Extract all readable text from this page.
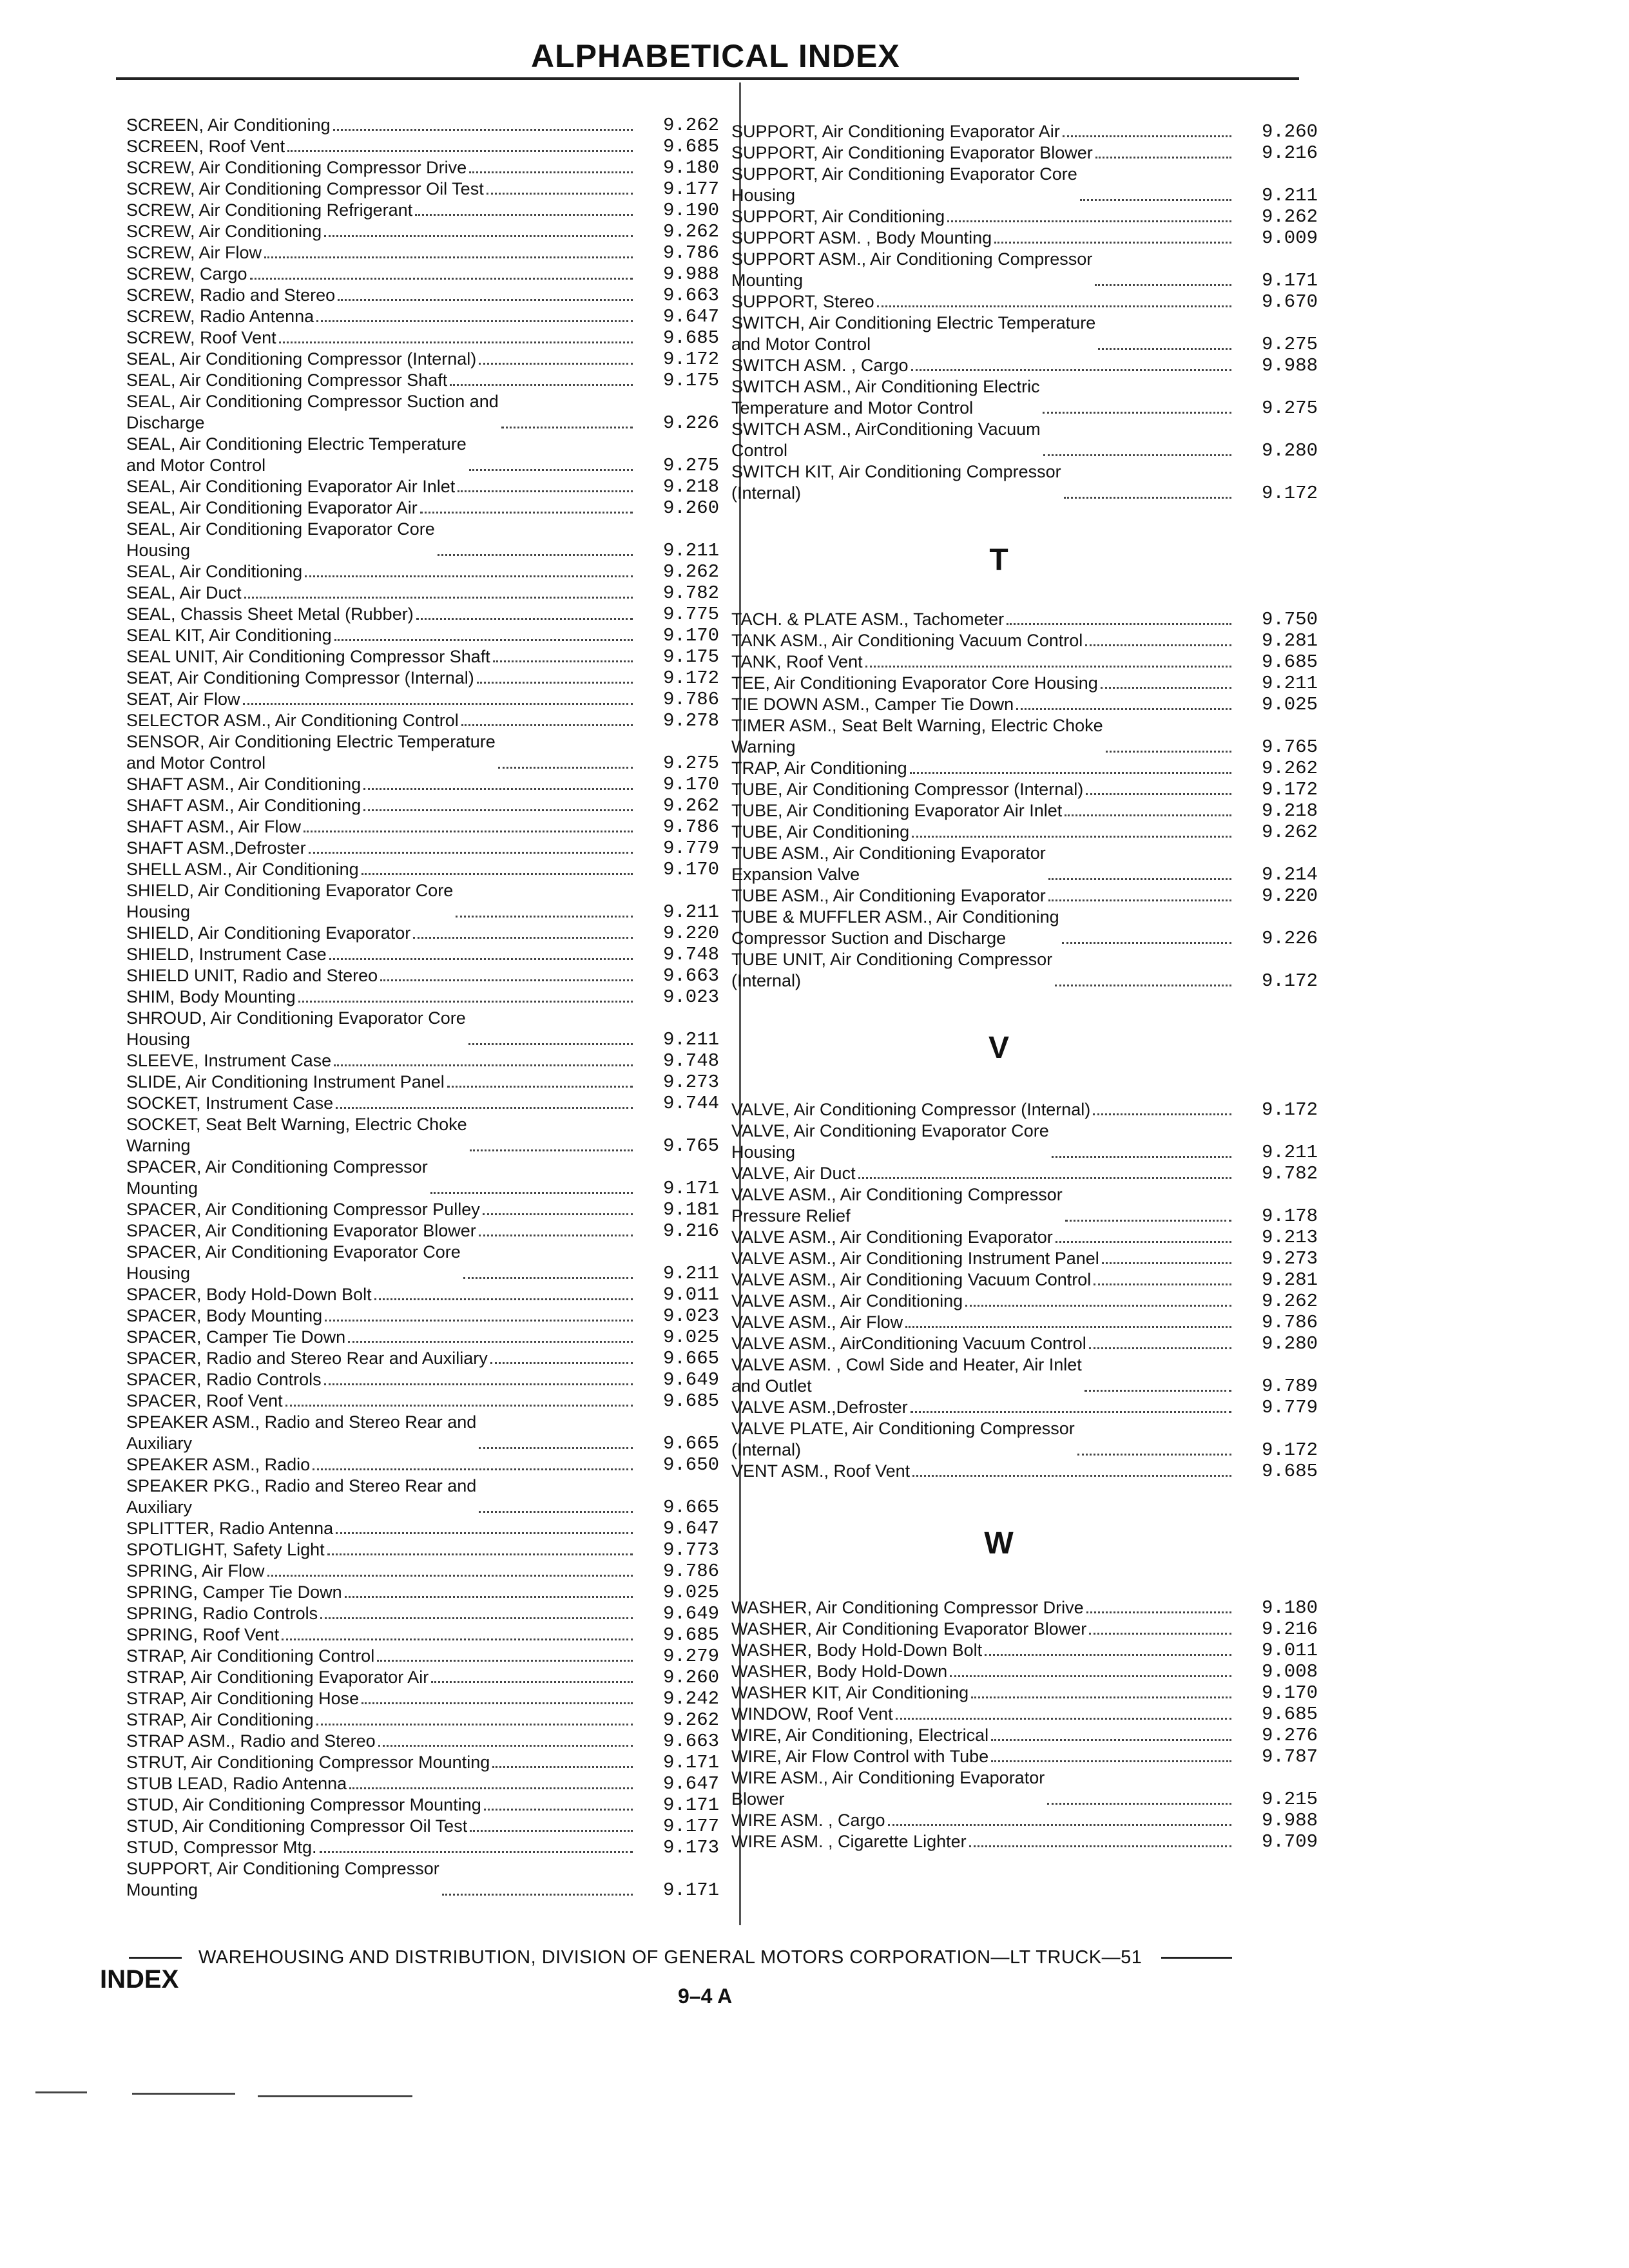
ALPHABETICAL INDEX
SCREEN, Air Conditioning	9.262
SCREEN, Roof Vent	9.685
SCREW, Air Conditioning Compressor Drive	9.180
SCREW, Air Conditioning Compressor Oil Test	9.177
SCREW, Air Conditioning Refrigerant	9.190
SCREW, Air Conditioning	9.262
SCREW, Air Flow	9.786
SCREW, Cargo	9.988
SCREW, Radio and Stereo	9.663
SCREW, Radio Antenna	9.647
SCREW, Roof Vent	9.685
SEAL, Air Conditioning Compressor (Internal)	9.172
SEAL, Air Conditioning Compressor Shaft	9.175
SEAL, Air Conditioning Compressor Suction and
Discharge	9.226
SEAL, Air Conditioning Electric Temperature
and Motor Control	9.275
SEAL, Air Conditioning Evaporator Air Inlet	9.218
SEAL, Air Conditioning Evaporator Air	9.260
SEAL, Air Conditioning Evaporator Core
Housing	9.211
SEAL, Air Conditioning	9.262
SEAL, Air Duct	9.782
SEAL, Chassis Sheet Metal (Rubber)	9.775
SEAL KIT, Air Conditioning	9.170
SEAL UNIT, Air Conditioning Compressor Shaft	9.175
SEAT, Air Conditioning Compressor (Internal)	9.172
SEAT, Air Flow	9.786
SELECTOR ASM., Air Conditioning Control	9.278
SENSOR, Air Conditioning Electric Temperature
and Motor Control	9.275
SHAFT ASM., Air Conditioning	9.170
SHAFT ASM., Air Conditioning	9.262
SHAFT ASM., Air Flow	9.786
SHAFT ASM.,Defroster	9.779
SHELL ASM., Air Conditioning	9.170
SHIELD, Air Conditioning Evaporator Core
Housing	9.211
SHIELD, Air Conditioning Evaporator	9.220
SHIELD, Instrument Case	9.748
SHIELD UNIT, Radio and Stereo	9.663
SHIM, Body Mounting	9.023
SHROUD, Air Conditioning Evaporator Core
Housing	9.211
SLEEVE, Instrument Case	9.748
SLIDE, Air Conditioning Instrument Panel	9.273
SOCKET, Instrument Case	9.744
SOCKET, Seat Belt Warning, Electric Choke
Warning	9.765
SPACER, Air Conditioning Compressor
Mounting	9.171
SPACER, Air Conditioning Compressor Pulley	9.181
SPACER, Air Conditioning Evaporator Blower	9.216
SPACER, Air Conditioning Evaporator Core
Housing	9.211
SPACER, Body Hold-Down Bolt	9.011
SPACER, Body Mounting	9.023
SPACER, Camper Tie Down	9.025
SPACER, Radio and Stereo Rear and Auxiliary	9.665
SPACER, Radio Controls	9.649
SPACER, Roof Vent	9.685
SPEAKER ASM., Radio and Stereo Rear and
Auxiliary	9.665
SPEAKER ASM., Radio	9.650
SPEAKER PKG., Radio and Stereo Rear and
Auxiliary	9.665
SPLITTER, Radio Antenna	9.647
SPOTLIGHT, Safety Light	9.773
SPRING, Air Flow	9.786
SPRING, Camper Tie Down	9.025
SPRING, Radio Controls	9.649
SPRING, Roof Vent	9.685
STRAP, Air Conditioning Control	9.279
STRAP, Air Conditioning Evaporator Air	9.260
STRAP, Air Conditioning Hose	9.242
STRAP, Air Conditioning	9.262
STRAP ASM., Radio and Stereo	9.663
STRUT, Air Conditioning Compressor Mounting	9.171
STUB LEAD, Radio Antenna	9.647
STUD, Air Conditioning Compressor Mounting	9.171
STUD, Air Conditioning Compressor Oil Test	9.177
STUD, Compressor Mtg.	9.173
SUPPORT, Air Conditioning Compressor
Mounting	9.171
SUPPORT, Air Conditioning Evaporator Air	9.260
SUPPORT, Air Conditioning Evaporator Blower	9.216
SUPPORT, Air Conditioning Evaporator Core
Housing	9.211
SUPPORT, Air Conditioning	9.262
SUPPORT ASM. , Body Mounting	9.009
SUPPORT ASM., Air Conditioning Compressor
Mounting	9.171
SUPPORT, Stereo	9.670
SWITCH, Air Conditioning Electric Temperature
and Motor Control	9.275
SWITCH ASM. , Cargo	9.988
SWITCH ASM., Air Conditioning Electric
Temperature and Motor Control	9.275
SWITCH ASM., AirConditioning Vacuum
Control	9.280
SWITCH KIT, Air Conditioning Compressor
(Internal)	9.172
T
TACH. & PLATE ASM., Tachometer	9.750
TANK ASM., Air Conditioning Vacuum Control	9.281
TANK, Roof Vent	9.685
TEE, Air Conditioning Evaporator Core Housing	9.211
TIE DOWN ASM., Camper Tie Down	9.025
TIMER ASM., Seat Belt Warning, Electric Choke
Warning	9.765
TRAP, Air Conditioning	9.262
TUBE, Air Conditioning Compressor (Internal)	9.172
TUBE, Air Conditioning Evaporator Air Inlet	9.218
TUBE, Air Conditioning	9.262
TUBE ASM., Air Conditioning Evaporator
Expansion Valve	9.214
TUBE ASM., Air Conditioning Evaporator	9.220
TUBE & MUFFLER ASM., Air Conditioning
Compressor Suction and Discharge	9.226
TUBE UNIT, Air Conditioning Compressor
(Internal)	9.172
V
VALVE, Air Conditioning Compressor (Internal)	9.172
VALVE, Air Conditioning Evaporator Core
Housing	9.211
VALVE, Air Duct	9.782
VALVE ASM., Air Conditioning Compressor
Pressure Relief	9.178
VALVE ASM., Air Conditioning Evaporator	9.213
VALVE ASM., Air Conditioning Instrument Panel	9.273
VALVE ASM., Air Conditioning Vacuum Control	9.281
VALVE ASM., Air Conditioning	9.262
VALVE ASM., Air Flow	9.786
VALVE ASM., AirConditioning Vacuum Control	9.280
VALVE ASM. , Cowl Side and Heater, Air Inlet
and Outlet	9.789
VALVE ASM.,Defroster	9.779
VALVE PLATE, Air Conditioning Compressor
(Internal)	9.172
VENT ASM., Roof Vent	9.685
W
WASHER, Air Conditioning Compressor Drive	9.180
WASHER, Air Conditioning Evaporator Blower	9.216
WASHER, Body Hold-Down Bolt	9.011
WASHER, Body Hold-Down	9.008
WASHER KIT, Air Conditioning	9.170
WINDOW, Roof Vent	9.685
WIRE, Air Conditioning, Electrical	9.276
WIRE, Air Flow Control with Tube	9.787
WIRE ASM., Air Conditioning Evaporator
Blower	9.215
WIRE ASM. , Cargo	9.988
WIRE ASM. , Cigarette Lighter	9.709
WAREHOUSING AND DISTRIBUTION, DIVISION OF GENERAL MOTORS CORPORATION—LT TRUCK—51
INDEX
9–4 A
